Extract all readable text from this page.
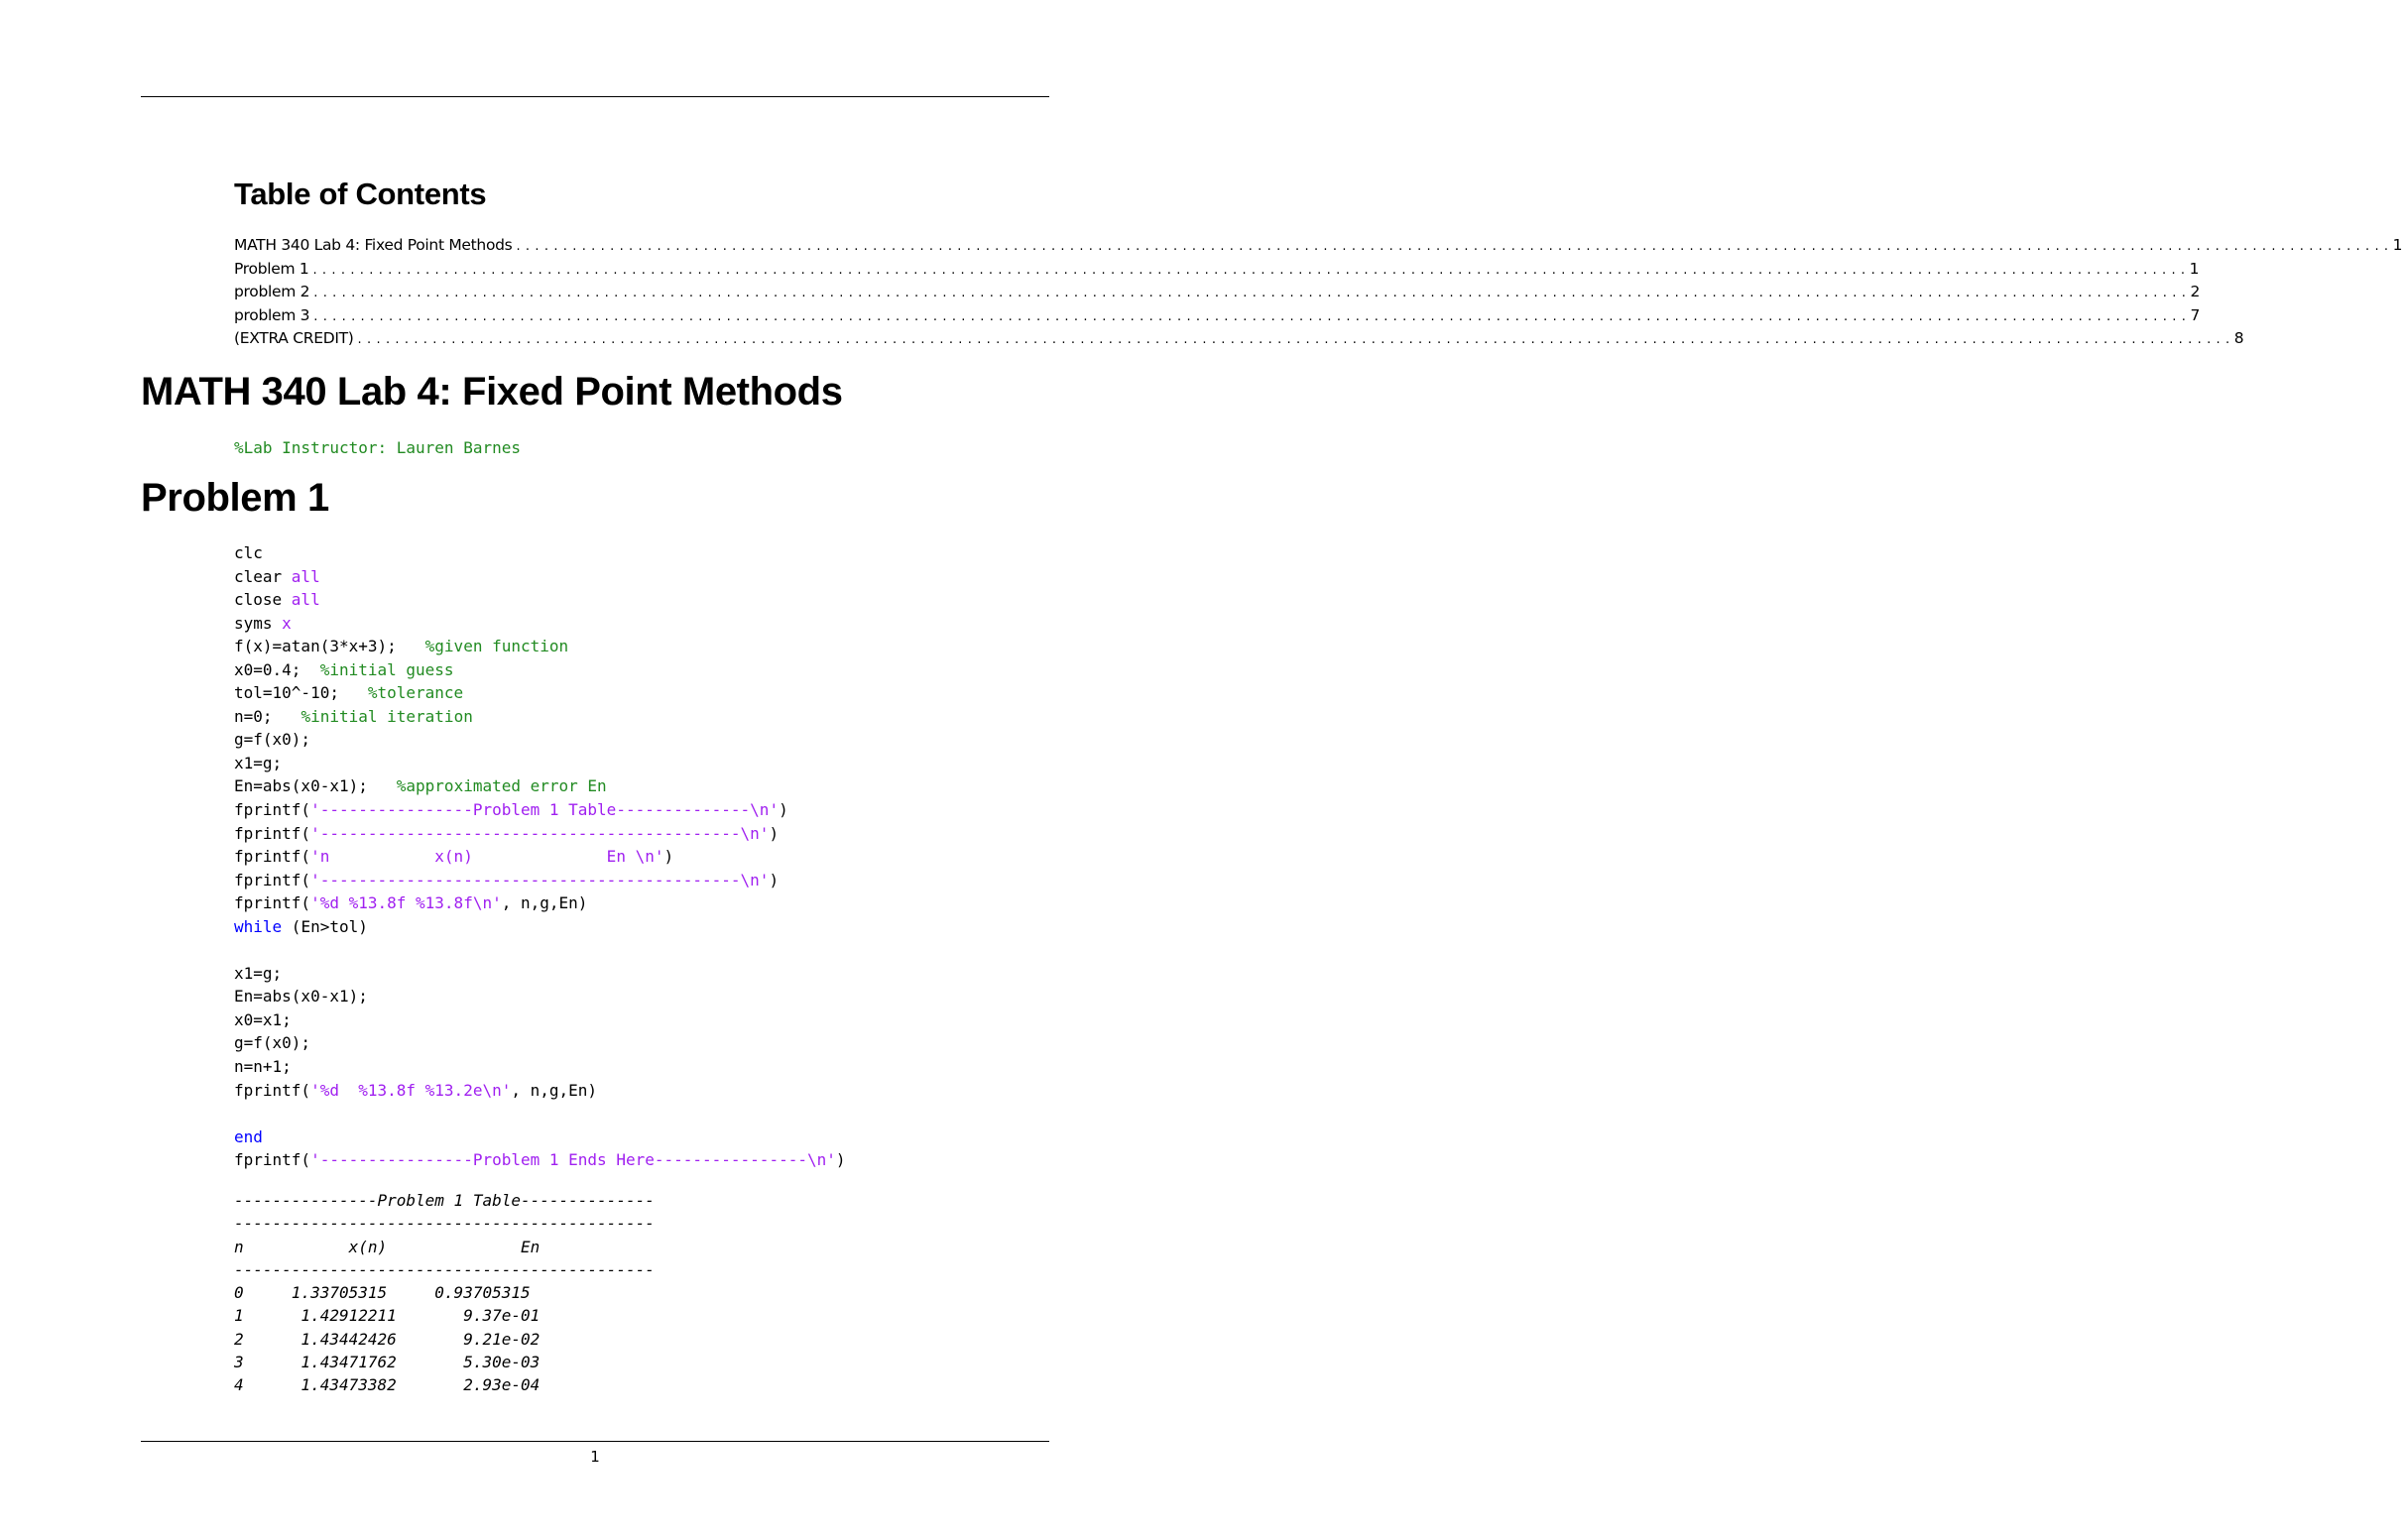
Table of Contents
MATH 340 Lab 4: Fixed Point Methods . . . . . . . . . . . . . . . . . . . . . . . . . . . . . . . . . . . . . . . . . . . . . . . . . . . . . . . . . . . . . . . . . . . . . . . . . . . . . . . . . . . . . . . . . . . . . . . . . . . . . . . . . . . . . . . . . . . . . . . . . . . . . . . . . . . . . . . . . . . . . . . . . . . . . . . . . . . . . . . . . . . . . . . . . . . . . . . . . . . . . . . . . . . . . . . . . . . . . . . . 1
Problem 1 . . . . . . . . . . . . . . . . . . . . . . . . . . . . . . . . . . . . . . . . . . . . . . . . . . . . . . . . . . . . . . . . . . . . . . . . . . . . . . . . . . . . . . . . . . . . . . . . . . . . . . . . . . . . . . . . . . . . . . . . . . . . . . . . . . . . . . . . . . . . . . . . . . . . . . . . . . . . . . . . . . . . . . . . . . . . . . . . . . . . . . . . . . . . . . . . . . . . . . . . 1
problem 2 . . . . . . . . . . . . . . . . . . . . . . . . . . . . . . . . . . . . . . . . . . . . . . . . . . . . . . . . . . . . . . . . . . . . . . . . . . . . . . . . . . . . . . . . . . . . . . . . . . . . . . . . . . . . . . . . . . . . . . . . . . . . . . . . . . . . . . . . . . . . . . . . . . . . . . . . . . . . . . . . . . . . . . . . . . . . . . . . . . . . . . . . . . . . . . . . . . . . . . . . 2
problem 3 . . . . . . . . . . . . . . . . . . . . . . . . . . . . . . . . . . . . . . . . . . . . . . . . . . . . . . . . . . . . . . . . . . . . . . . . . . . . . . . . . . . . . . . . . . . . . . . . . . . . . . . . . . . . . . . . . . . . . . . . . . . . . . . . . . . . . . . . . . . . . . . . . . . . . . . . . . . . . . . . . . . . . . . . . . . . . . . . . . . . . . . . . . . . . . . . . . . . . . . . 7
(EXTRA CREDIT) . . . . . . . . . . . . . . . . . . . . . . . . . . . . . . . . . . . . . . . . . . . . . . . . . . . . . . . . . . . . . . . . . . . . . . . . . . . . . . . . . . . . . . . . . . . . . . . . . . . . . . . . . . . . . . . . . . . . . . . . . . . . . . . . . . . . . . . . . . . . . . . . . . . . . . . . . . . . . . . . . . . . . . . . . . . . . . . . . . . . . . . . . . . . . . . . . . . . . . . . 8
MATH 340 Lab 4: Fixed Point Methods
%Lab Instructor: Lauren Barnes
Problem 1
clc
clear all
close all
syms x
f(x)=atan(3*x+3);   %given function
x0=0.4;  %initial guess
tol=10^-10;   %tolerance
n=0;   %initial iteration
g=f(x0);
x1=g;
En=abs(x0-x1);   %approximated error En
fprintf('----------------Problem 1 Table--------------\n')
fprintf('--------------------------------------------\n')
fprintf('n           x(n)              En \n')
fprintf('--------------------------------------------\n')
fprintf('%d %13.8f %13.8f\n', n,g,En)
while (En>tol)

x1=g;
En=abs(x0-x1);
x0=x1;
g=f(x0);
n=n+1;
fprintf('%d  %13.8f %13.2e\n', n,g,En)

end
fprintf('----------------Problem 1 Ends Here----------------\n')

---------------Problem 1 Table--------------
--------------------------------------------
n           x(n)              En
--------------------------------------------
0     1.33705315     0.93705315
1      1.42912211       9.37e-01
2      1.43442426       9.21e-02
3      1.43471762       5.30e-03
4      1.43473382       2.93e-04

1
